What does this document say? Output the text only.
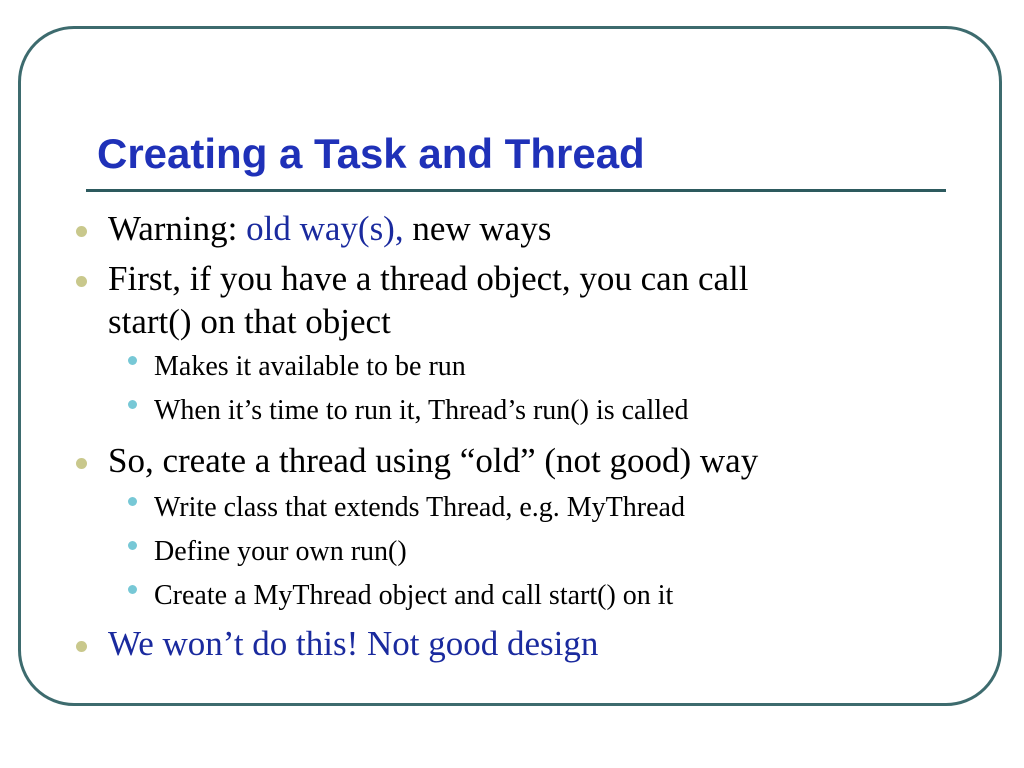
Creating a Task and Thread
Warning: old way(s), new ways
First, if you have a thread object, you can call
start() on that object
Makes it available to be run
When it’s time to run it, Thread’s run() is called
So, create a thread using “old” (not good) way
Write class that extends Thread, e.g. MyThread
Define your own run()
Create a MyThread object and call start() on it
We won’t do this! Not good design
